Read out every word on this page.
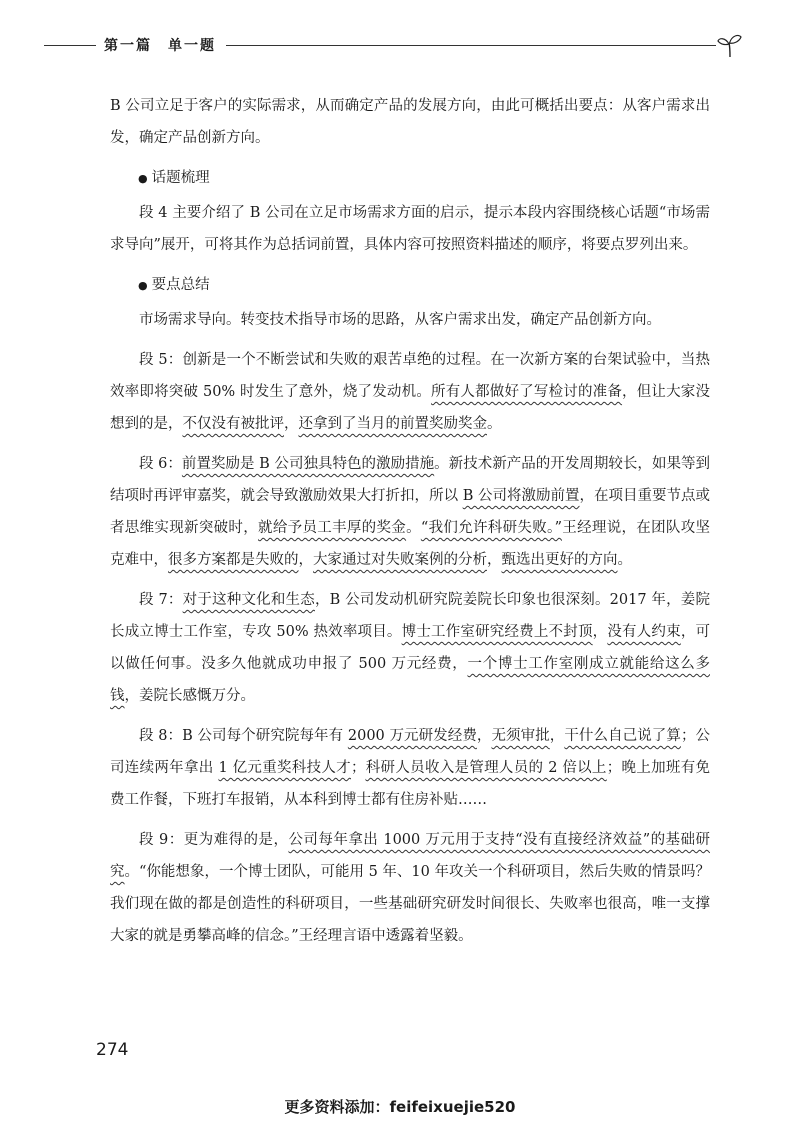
第一篇　单一题

B 公司立足于客户的实际需求，从而确定产品的发展方向，由此可概括出要点：从客户需求出发，确定产品创新方向。

● 话题梳理

段 4 主要介绍了 B 公司在立足市场需求方面的启示，提示本段内容围绕核心话题“市场需求导向”展开，可将其作为总括词前置，具体内容可按照资料描述的顺序，将要点罗列出来。

● 要点总结

市场需求导向。转变技术指导市场的思路，从客户需求出发，确定产品创新方向。

段 5：创新是一个不断尝试和失败的艰苦卓绝的过程。在一次新方案的台架试验中，当热效率即将突破 50% 时发生了意外，烧了发动机。所有人都做好了写检讨的准备，但让大家没想到的是，不仅没有被批评，还拿到了当月的前置奖励奖金。

段 6：前置奖励是 B 公司独具特色的激励措施。新技术新产品的开发周期较长，如果等到结项时再评审嘉奖，就会导致激励效果大打折扣，所以 B 公司将激励前置，在项目重要节点或者思维实现新突破时，就给予员工丰厚的奖金。“我们允许科研失败。”王经理说，在团队攻坚克难中，很多方案都是失败的，大家通过对失败案例的分析，甄选出更好的方向。

段 7：对于这种文化和生态，B 公司发动机研究院姜院长印象也很深刻。2017 年，姜院长成立博士工作室，专攻 50% 热效率项目。博士工作室研究经费上不封顶，没有人约束，可以做任何事。没多久他就成功申报了 500 万元经费，一个博士工作室刚成立就能给这么多钱，姜院长感慨万分。

段 8：B 公司每个研究院每年有 2000 万元研发经费，无须审批，干什么自己说了算；公司连续两年拿出 1 亿元重奖科技人才；科研人员收入是管理人员的 2 倍以上；晚上加班有免费工作餐，下班打车报销，从本科到博士都有住房补贴……

段 9：更为难得的是，公司每年拿出 1000 万元用于支持“没有直接经济效益”的基础研究。“你能想象，一个博士团队，可能用 5 年、10 年攻关一个科研项目，然后失败的情景吗？我们现在做的都是创造性的科研项目，一些基础研究研发时间很长、失败率也很高，唯一支撑大家的就是勇攀高峰的信念。”王经理言语中透露着坚毅。

274
更多资料添加：feifeixuejie520
